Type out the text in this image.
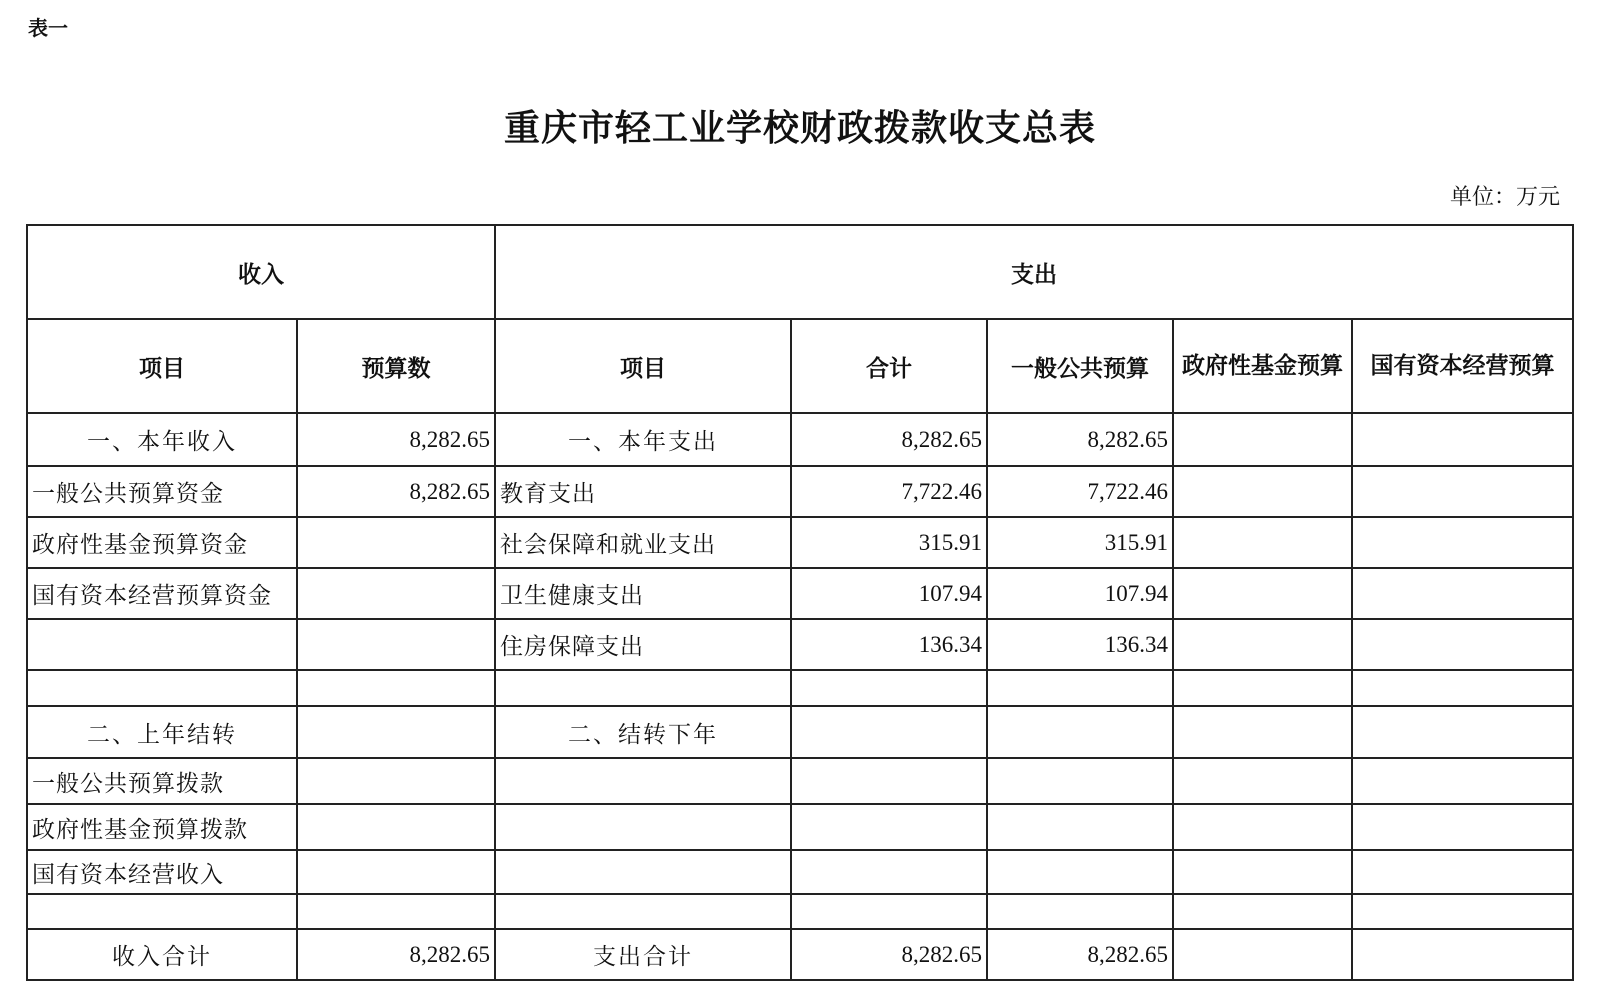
表一
重庆市轻工业学校财政拨款收支总表
单位：万元
收入		支出				
项目	预算数	项目	合计	一般公共预算	政府性基金预算	国有资本经营预算
一、本年收入	8,282.65	一、本年支出	8,282.65	8,282.65		
一般公共预算资金	8,282.65	教育支出	7,722.46	7,722.46		
政府性基金预算资金		社会保障和就业支出	315.91	315.91		
国有资本经营预算资金		卫生健康支出	107.94	107.94		
		住房保障支出	136.34	136.34		

二、上年结转		二、结转下年				
一般公共预算拨款						
政府性基金预算拨款						
国有资本经营收入						

收入合计	8,282.65	支出合计	8,282.65	8,282.65		
